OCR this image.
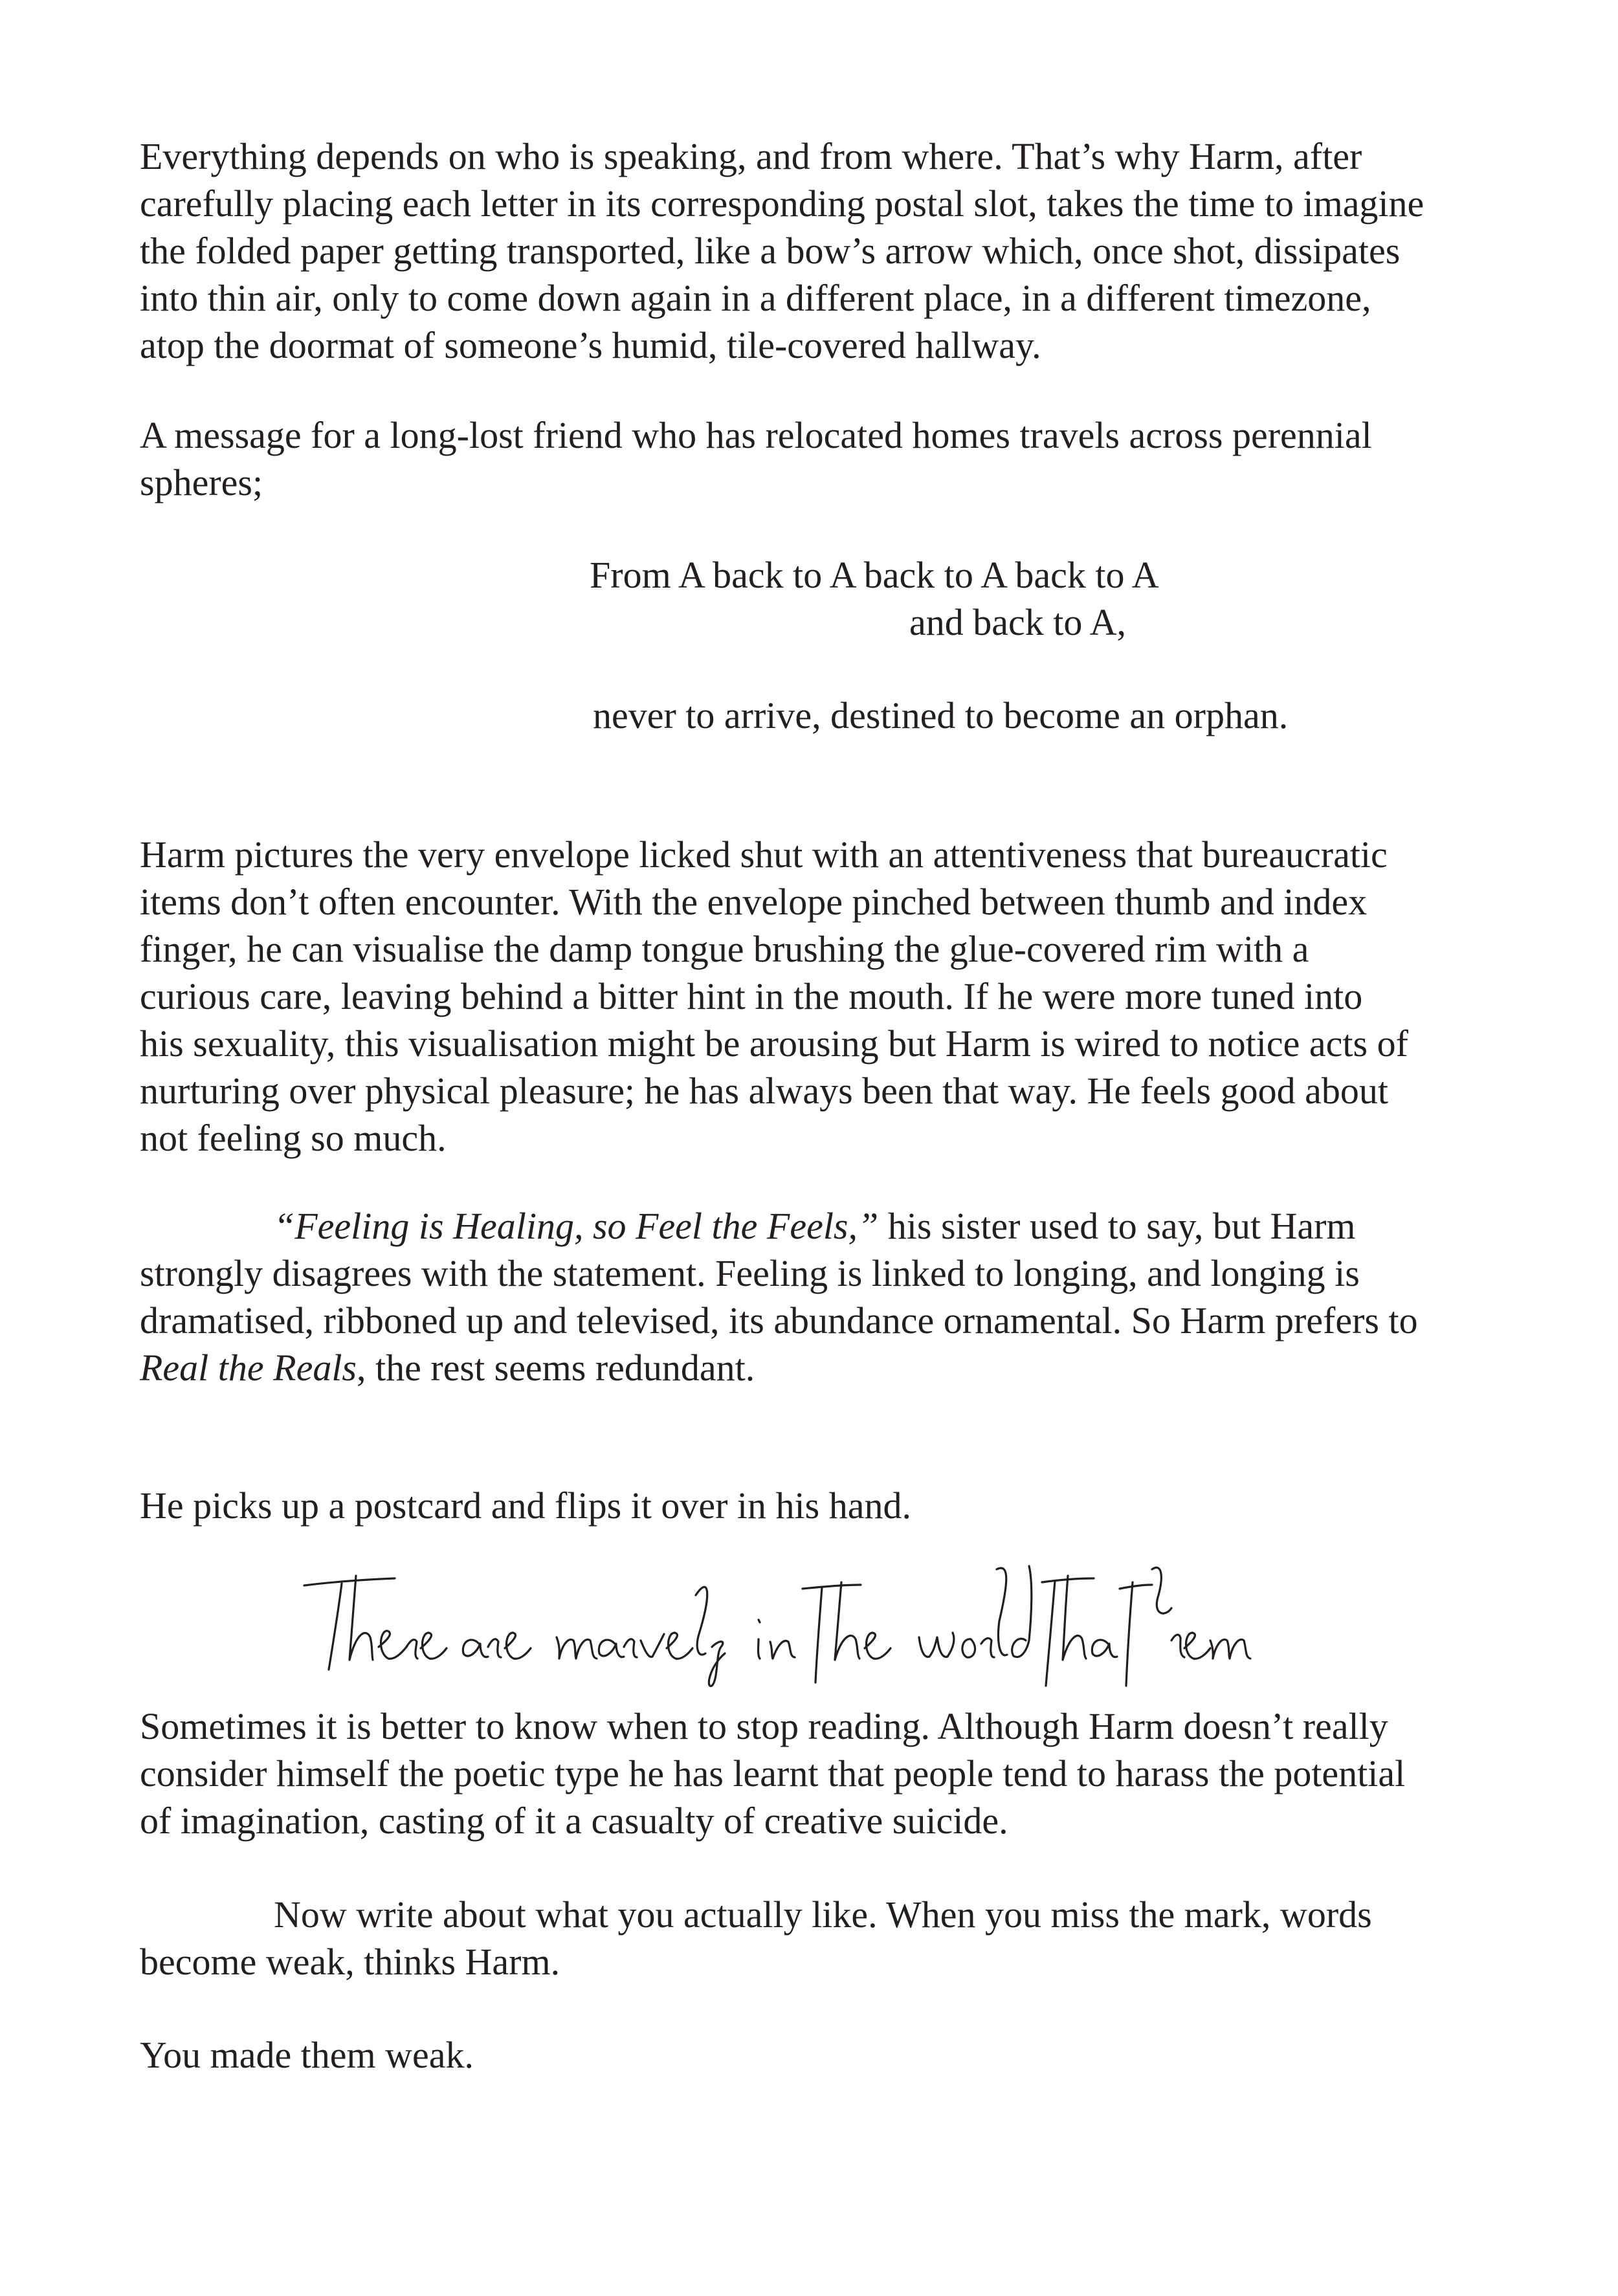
Everything depends on who is speaking, and from where. That’s why Harm, after
carefully placing each letter in its corresponding postal slot, takes the time to imagine
the folded paper getting transported, like a bow’s arrow which, once shot, dissipates
into thin air, only to come down again in a different place, in a different timezone,
atop the doormat of someone’s humid, tile-covered hallway.

A message for a long-lost friend who has relocated homes travels across perennial
spheres;

From A back to A back to A back to A

and back to A,

never to arrive, destined to become an orphan.

Harm pictures the very envelope licked shut with an attentiveness that bureaucratic
items don’t often encounter. With the envelope pinched between thumb and index
finger, he can visualise the damp tongue brushing the glue-covered rim with a
curious care, leaving behind a bitter hint in the mouth. If he were more tuned into
his sexuality, this visualisation might be arousing but Harm is wired to notice acts of
nurturing over physical pleasure; he has always been that way. He feels good about
not feeling so much.

“Feeling is Healing, so Feel the Feels,” his sister used to say, but Harm
strongly disagrees with the statement. Feeling is linked to longing, and longing is
dramatised, ribboned up and televised, its abundance ornamental. So Harm prefers to
Real the Reals, the rest seems redundant.

He picks up a postcard and flips it over in his hand.

Sometimes it is better to know when to stop reading. Although Harm doesn’t really
consider himself the poetic type he has learnt that people tend to harass the potential
of imagination, casting of it a casualty of creative suicide.

Now write about what you actually like. When you miss the mark, words
become weak, thinks Harm.

You made them weak.
